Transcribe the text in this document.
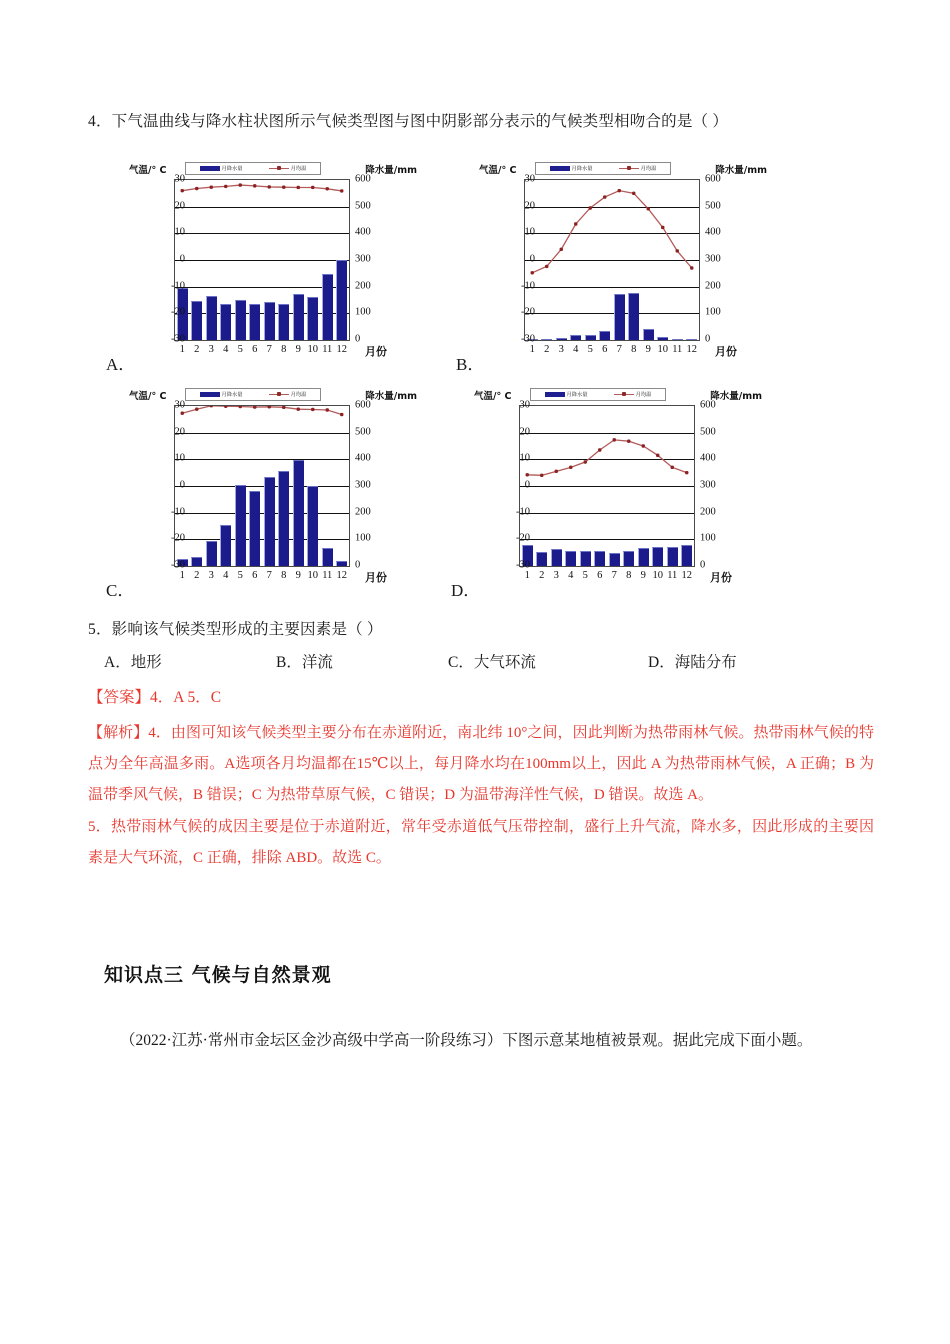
4．下气温曲线与降水柱状图所示气候类型图与图中阴影部分表示的气候类型相吻合的是（ ）
气温/° C	降水量/mm
月降水量	月均温
30	600
20	500
10	400
0	300
-10	200
-20	100
-30	0
1 2 3 4 5 6 7 8 9 10 11 12 月份
A．
气温/° C	降水量/mm
月降水量	月均温
30	600
20	500
10	400
0	300
-10	200
-20	100
-30	0
1 2 3 4 5 6 7 8 9 10 11 12 月份
B．
气温/° C	降水量/mm
月降水量	月均温
30	600
20	500
10	400
0	300
-10	200
-20	100
-30	0
1 2 3 4 5 6 7 8 9 10 11 12 月份
C．
气温/° C	降水量/mm
月降水量	月均温
30	600
20	500
10	400
0	300
-10	200
-20	100
-30	0
1 2 3 4 5 6 7 8 9 10 11 12 月份
D．
5．影响该气候类型形成的主要因素是（ ）
A．地形	B．洋流	C．大气环流	D．海陆分布
【答案】4．A 5．C

【解析】4．由图可知该气候类型主要分布在赤道附近，南北纬 10°之间，因此判断为热带雨林气候。热带雨林气候的特点为全年高温多雨。A选项各月均温都在15℃以上，每月降水均在100mm以上，因此 A 为热带雨林气候，A 正确；B 为温带季风气候，B 错误；C 为热带草原气候，C 错误；D 为温带海洋性气候，D 错误。故选 A。

5．热带雨林气候的成因主要是位于赤道附近，常年受赤道低气压带控制，盛行上升气流，降水多，因此形成的主要因素是大气环流，C 正确，排除 ABD。故选 C。

知识点三 气候与自然景观
（2022·江苏·常州市金坛区金沙高级中学高一阶段练习）下图示意某地植被景观。据此完成下面小题。
